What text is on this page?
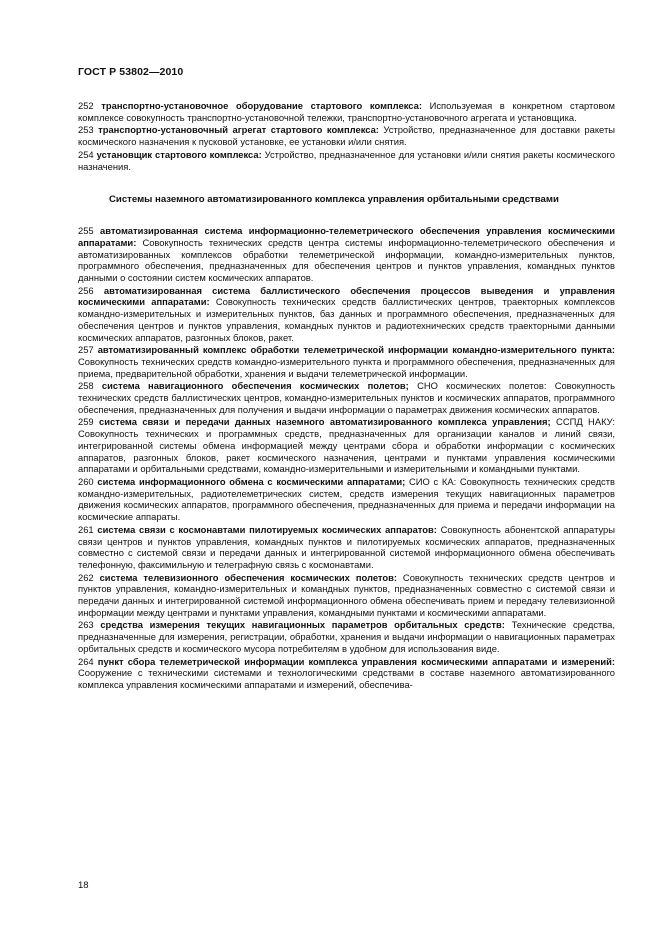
ГОСТ Р 53802—2010

252 транспортно-установочное оборудование стартового комплекса: Используемая в конкретном стартовом комплексе совокупность транспортно-установочной тележки, транспортно-установочного агрегата и установщика.

253 транспортно-установочный агрегат стартового комплекса: Устройство, предназначенное для доставки ракеты космического назначения к пусковой установке, ее установки и/или снятия.

254 установщик стартового комплекса: Устройство, предназначенное для установки и/или снятия ракеты космического назначения.

Системы наземного автоматизированного комплекса управления орбитальными средствами

255 автоматизированная система информационно-телеметрического обеспечения управления космическими аппаратами: Совокупность технических средств центра системы информационно-телеметрического обеспечения и автоматизированных комплексов обработки телеметрической информации, командно-измерительных пунктов, программного обеспечения, предназначенных для обеспечения центров и пунктов управления, командных пунктов данными о состоянии систем космических аппаратов.

256 автоматизированная система баллистического обеспечения процессов выведения и управления космическими аппаратами: Совокупность технических средств баллистических центров, траекторных комплексов командно-измерительных и измерительных пунктов, баз данных и программного обеспечения, предназначенных для обеспечения центров и пунктов управления, командных пунктов и радиотехнических средств траекторными данными космических аппаратов, разгонных блоков, ракет.

257 автоматизированный комплекс обработки телеметрической информации командно-измерительного пункта: Совокупность технических средств командно-измерительного пункта и программного обеспечения, предназначенных для приема, предварительной обработки, хранения и выдачи телеметрической информации.

258 система навигационного обеспечения космических полетов; СНО космических полетов: Совокупность технических средств баллистических центров, командно-измерительных пунктов и космических аппаратов, программного обеспечения, предназначенных для получения и выдачи информации о параметрах движения космических аппаратов.

259 система связи и передачи данных наземного автоматизированного комплекса управления; ССПД НАКУ: Совокупность технических и программных средств, предназначенных для организации каналов и линий связи, интегрированной системы обмена информацией между центрами сбора и обработки информации с космических аппаратов, разгонных блоков, ракет космического назначения, центрами и пунктами управления космическими аппаратами и орбитальными средствами, командно-измерительными и измерительными и командными пунктами.

260 система информационного обмена с космическими аппаратами; СИО с КА: Совокупность технических средств командно-измерительных, радиотелеметрических систем, средств измерения текущих навигационных параметров движения космических аппаратов, программного обеспечения, предназначенных для приема и передачи информации на космические аппараты.

261 система связи с космонавтами пилотируемых космических аппаратов: Совокупность абонентской аппаратуры связи центров и пунктов управления, командных пунктов и пилотируемых космических аппаратов, предназначенных совместно с системой связи и передачи данных и интегрированной системой информационного обмена обеспечивать телефонную, факсимильную и телеграфную связь с космонавтами.

262 система телевизионного обеспечения космических полетов: Совокупность технических средств центров и пунктов управления, командно-измерительных и командных пунктов, предназначенных совместно с системой связи и передачи данных и интегрированной системой информационного обмена обеспечивать прием и передачу телевизионной информации между центрами и пунктами управления, командными пунктами и космическими аппаратами.

263 средства измерения текущих навигационных параметров орбитальных средств: Технические средства, предназначенные для измерения, регистрации, обработки, хранения и выдачи информации о навигационных параметрах орбитальных средств и космического мусора потребителям в удобном для использования виде.

264 пункт сбора телеметрической информации комплекса управления космическими аппаратами и измерений: Сооружение с техническими системами и технологическими средствами в составе наземного автоматизированного комплекса управления космическими аппаратами и измерений, обеспечива-

18
